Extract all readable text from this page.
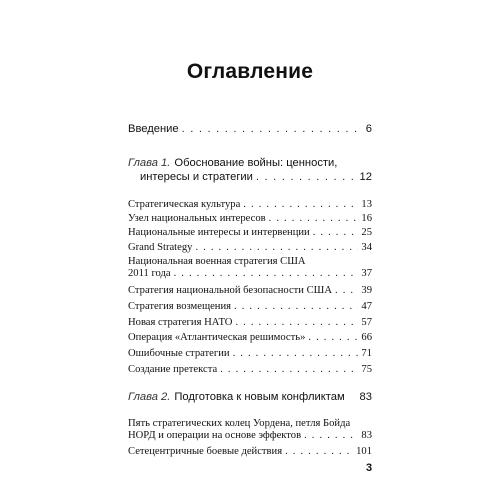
Оглавление
Введение . . .	6
Глава 1. Обоснование войны: ценности,
интересы и стратегии . . .	12
Стратегическая культура . . .	13
Узел национальных интересов . . .	16
Национальные интересы и интервенции . . .	25
Grand Strategy . . .	34
Национальная военная стратегия США
2011 года . . .	37
Стратегия национальной безопасности США . . .	39
Стратегия возмещения . . .	47
Новая стратегия НАТО . . .	57
Операция «Атлантическая решимость» . . .	66
Ошибочные стратегии . . .	71
Создание претекста . . .	75
Глава 2. Подготовка к новым конфликтам 83
Пять стратегических колец Уордена, петля Бойда
НОРД и операции на основе эффектов . . .	83
Сетецентричные боевые действия . . .	101
3
